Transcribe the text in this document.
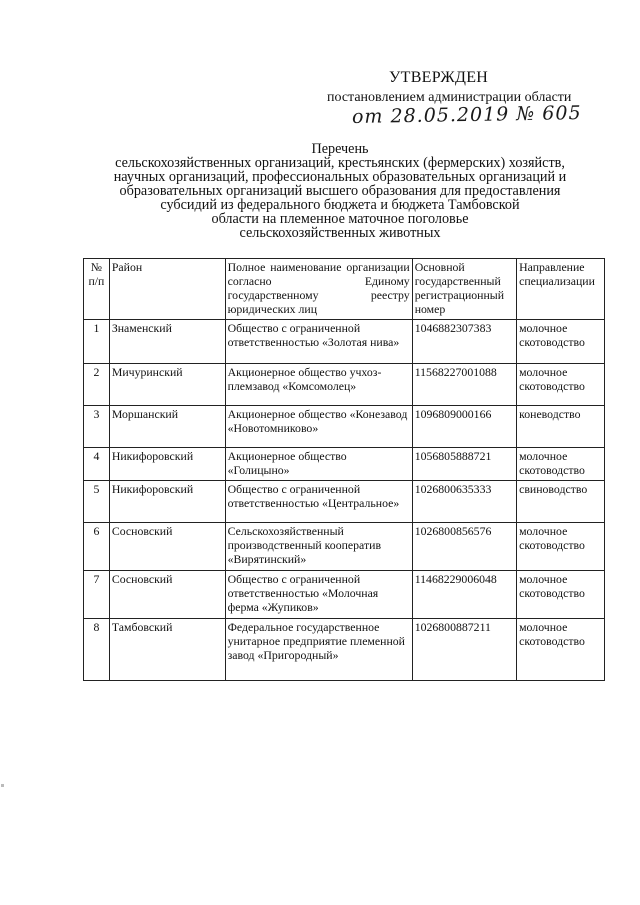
УТВЕРЖДЕН
постановлением администрации области
от 28.05.2019 № 605
Перечень
сельскохозяйственных организаций, крестьянских (фермерских) хозяйств,
научных организаций, профессиональных образовательных организаций и
образовательных организаций высшего образования для предоставления
субсидий из федерального бюджета и бюджета Тамбовской
области на племенное маточное поголовье
сельскохозяйственных животных
№ п/п	Район	Полное наименование организации согласно Единому государственному реестру юридических лиц	Основной государственный регистрационный номер	Направление специализации
1	Знаменский	Общество с ограниченной ответственностью «Золотая нива»	1046882307383	молочное скотоводство
2	Мичуринский	Акционерное общество учхоз-племзавод «Комсомолец»	11568227001088	молочное скотоводство
3	Моршанский	Акционерное общество «Конезавод «Новотомниково»	1096809000166	коневодство
4	Никифоровский	Акционерное общество «Голицыно»	1056805888721	молочное скотоводство
5	Никифоровский	Общество с ограниченной ответственностью «Центральное»	1026800635333	свиноводство
6	Сосновский	Сельскохозяйственный производственный кооператив «Вирятинский»	1026800856576	молочное скотоводство
7	Сосновский	Общество с ограниченной ответственностью «Молочная ферма «Жупиков»	11468229006048	молочное скотоводство
8	Тамбовский	Федеральное государственное унитарное предприятие племенной завод «Пригородный»	1026800887211	молочное скотоводство
